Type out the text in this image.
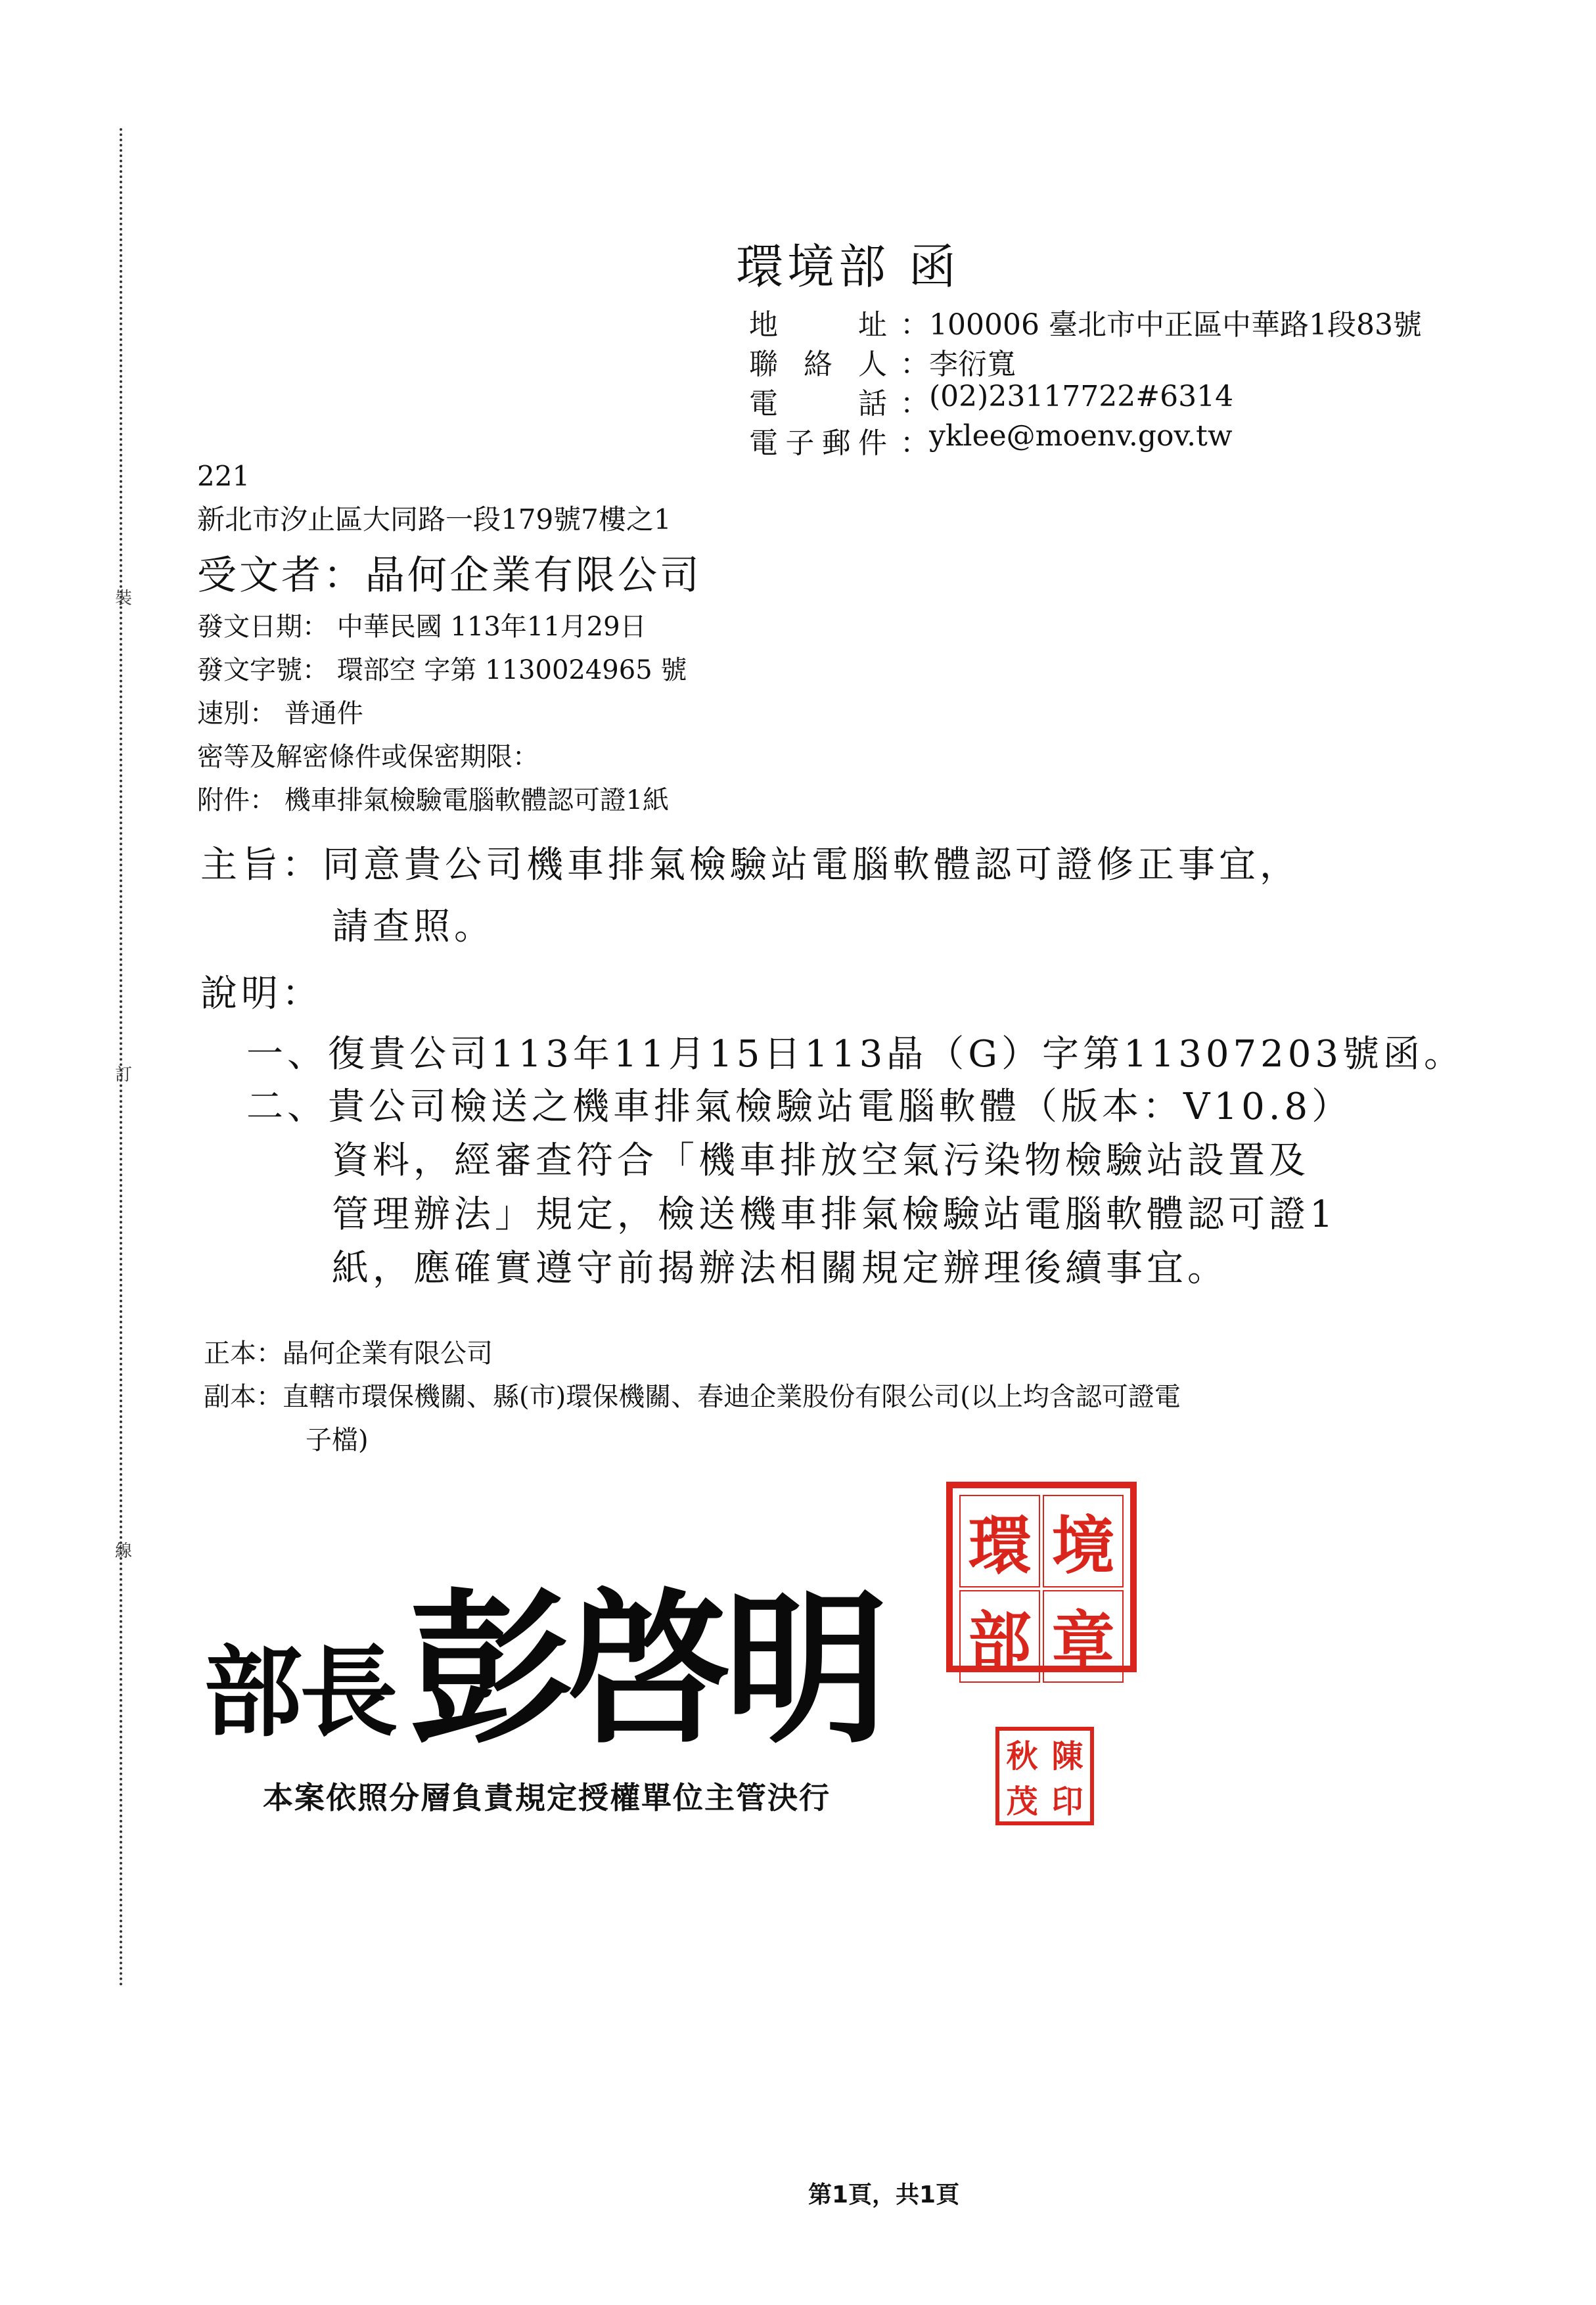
裝
訂
線
環境部 函
地　　址 ： 100006 臺北市中正區中華路1段83號
聯 絡 人 ： 李衍寬
電　　話 ： (02)23117722#6314
電子郵件 ： yklee@moenv.gov.tw
221
新北市汐止區大同路一段179號7樓之1
受文者：晶何企業有限公司
發文日期： 中華民國 113年11月29日
發文字號： 環部空 字第 1130024965 號
速別： 普通件
密等及解密條件或保密期限：
附件： 機車排氣檢驗電腦軟體認可證1紙
主旨：同意貴公司機車排氣檢驗站電腦軟體認可證修正事宜，
請查照。
說明：
一、復貴公司113年11月15日113晶（G）字第11307203號函。
二、貴公司檢送之機車排氣檢驗站電腦軟體（版本：V10.8）
資料，經審查符合「機車排放空氣污染物檢驗站設置及
管理辦法」規定，檢送機車排氣檢驗站電腦軟體認可證1
紙，應確實遵守前揭辦法相關規定辦理後續事宜。
正本：晶何企業有限公司
副本：直轄市環保機關、縣(市)環保機關、春迪企業股份有限公司(以上均含認可證電
子檔)
環 境
部 章
部長彭啓明
本案依照分層負責規定授權單位主管決行
秋 陳
茂 印
第1頁，共1頁
